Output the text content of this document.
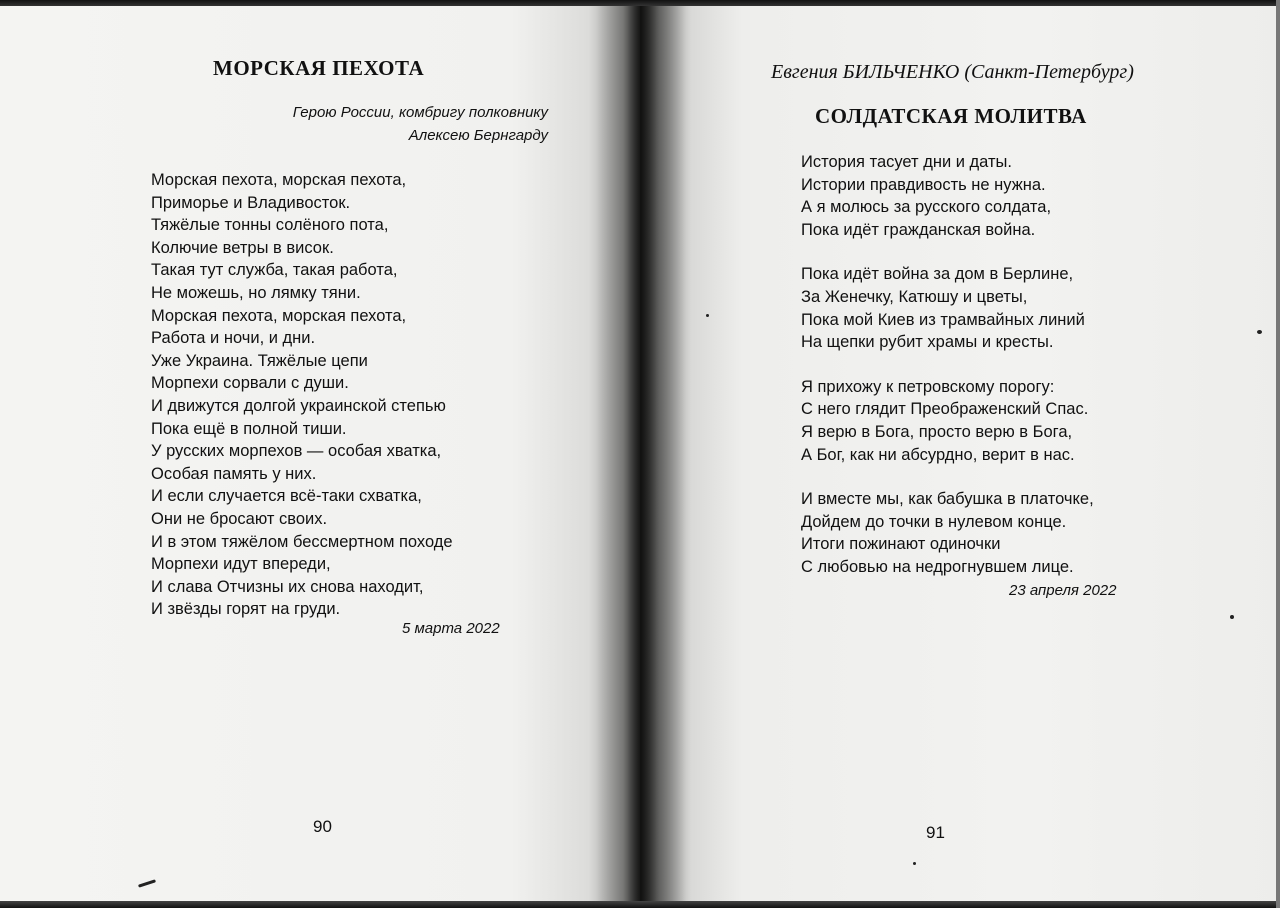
МОРСКАЯ ПЕХОТА
Герою России, комбригу полковнику
Алексею Бернгарду
Морская пехота, морская пехота,
Приморье и Владивосток.
Тяжёлые тонны солёного пота,
Колючие ветры в висок.
Такая тут служба, такая работа,
Не можешь, но лямку тяни.
Морская пехота, морская пехота,
Работа и ночи, и дни.
Уже Украина. Тяжёлые цепи
Морпехи сорвали с души.
И движутся долгой украинской степью
Пока ещё в полной тиши.
У русских морпехов — особая хватка,
Особая память у них.
И если случается всё-таки схватка,
Они не бросают своих.
И в этом тяжёлом бессмертном походе
Морпехи идут впереди,
И слава Отчизны их снова находит,
И звёзды горят на груди.
5 марта 2022
90
Евгения БИЛЬЧЕНКО (Санкт-Петербург)
СОЛДАТСКАЯ МОЛИТВА
История тасует дни и даты.
Истории правдивость не нужна.
А я молюсь за русского солдата,
Пока идёт гражданская война.
Пока идёт война за дом в Берлине,
За Женечку, Катюшу и цветы,
Пока мой Киев из трамвайных линий
На щепки рубит храмы и кресты.
Я прихожу к петровскому порогу:
С него глядит Преображенский Спас.
Я верю в Бога, просто верю в Бога,
А Бог, как ни абсурдно, верит в нас.
И вместе мы, как бабушка в платочке,
Дойдем до точки в нулевом конце.
Итоги пожинают одиночки
С любовью на недрогнувшем лице.
23 апреля 2022
91
